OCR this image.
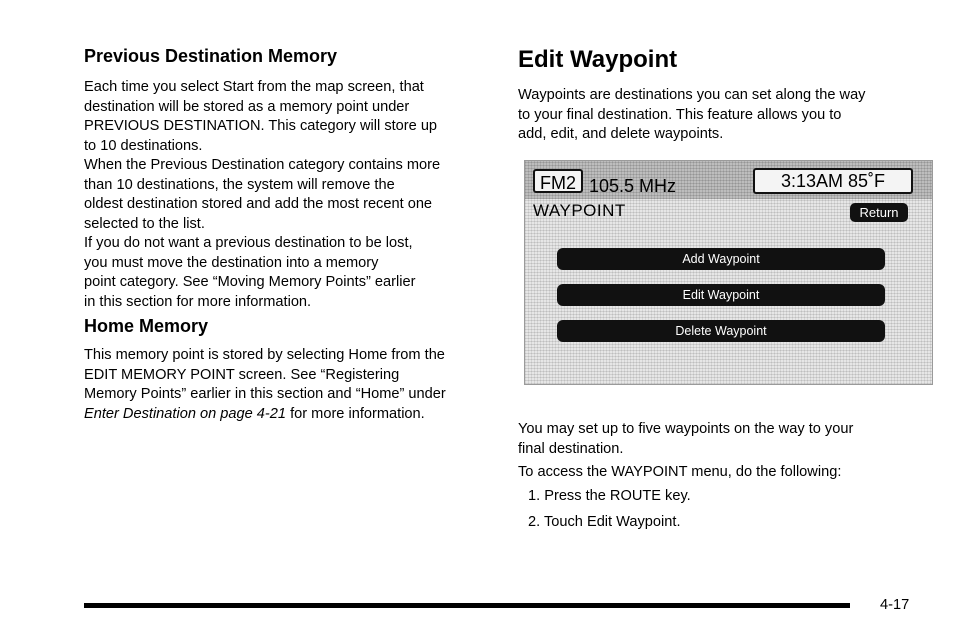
Previous Destination Memory

Each time you select Start from the map screen, that
destination will be stored as a memory point under
PREVIOUS DESTINATION. This category will store up
to 10 destinations.

When the Previous Destination category contains more
than 10 destinations, the system will remove the
oldest destination stored and add the most recent one
selected to the list.

If you do not want a previous destination to be lost,
you must move the destination into a memory
point category. See “Moving Memory Points” earlier
in this section for more information.

Home Memory

This memory point is stored by selecting Home from the
EDIT MEMORY POINT screen. See “Registering
Memory Points” earlier in this section and “Home” under
Enter Destination on page 4-21 for more information.

Edit Waypoint

Waypoints are destinations you can set along the way
to your final destination. This feature allows you to
add, edit, and delete waypoints.

You may set up to five waypoints on the way to your
final destination.

To access the WAYPOINT menu, do the following:

1. Press the ROUTE key.

2. Touch Edit Waypoint.

FM2 105.5 MHz	3:13AM 85˚F
WAYPOINT	Return
Add Waypoint
Edit Waypoint
Delete Waypoint
4-17
carmanualsonline.info
